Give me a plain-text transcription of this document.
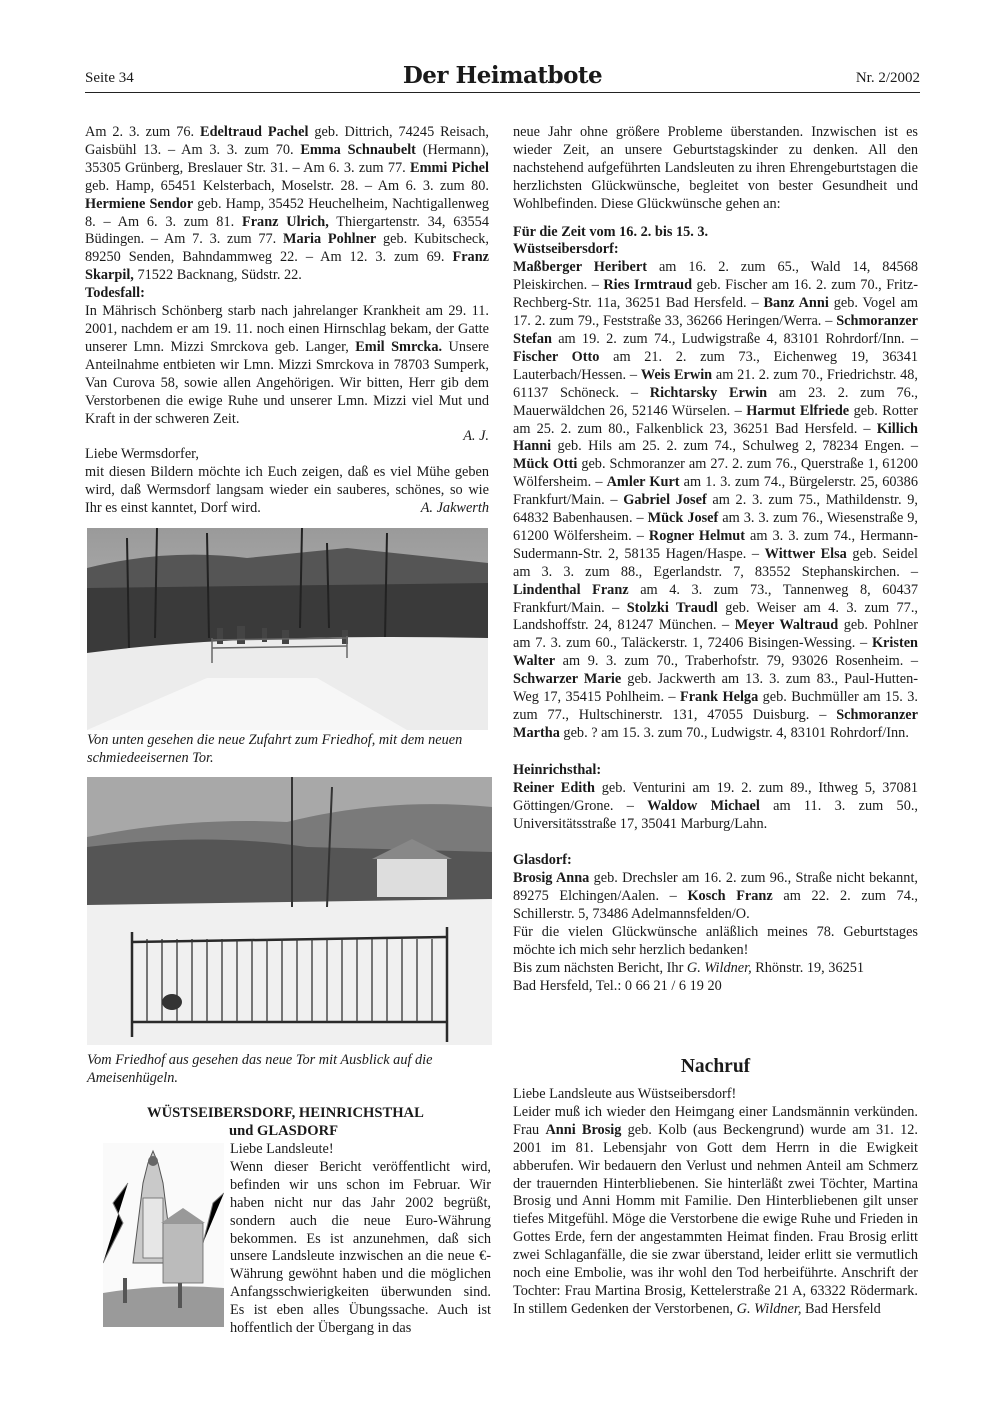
Seite 34	Der Heimatbote	Nr. 2/2002

Am 2. 3. zum 76. Edeltraud Pachel geb. Dittrich, 74245 Reisach, Gaisbühl 13. – Am 3. 3. zum 70. Emma Schnaubelt (Hermann), 35305 Grünberg, Breslauer Str. 31. – Am 6. 3. zum 77. Emmi Pichel geb. Hamp, 65451 Kelsterbach, Moselstr. 28. – Am 6. 3. zum 80. Hermiene Sendor geb. Hamp, 35452 Heuchelheim, Nachtigallenweg 8. – Am 6. 3. zum 81. Franz Ulrich, Thiergartenstr. 34, 63554 Büdingen. – Am 7. 3. zum 77. Maria Pohlner geb. Kubitscheck, 89250 Senden, Bahndammweg 22. – Am 12. 3. zum 69. Franz Skarpil, 71522 Backnang, Südstr. 22.

Todesfall:

In Mährisch Schönberg starb nach jahrelanger Krankheit am 29. 11. 2001, nachdem er am 19. 11. noch einen Hirnschlag bekam, der Gatte unserer Lmn. Mizzi Smrckova geb. Langer, Emil Smrcka. Unsere Anteilnahme entbieten wir Lmn. Mizzi Smrckova in 78703 Sumperk, Van Curova 58, sowie allen Angehörigen. Wir bitten, Herr gib dem Verstorbenen die ewige Ruhe und unserer Lmn. Mizzi viel Mut und Kraft in der schweren Zeit.

A. J.

Liebe Wermsdorfer,

mit diesen Bildern möchte ich Euch zeigen, daß es viel Mühe geben wird, daß Wermsdorf langsam wieder ein sauberes, schönes, so wie Ihr es einst kanntet, Dorf wird.	A. Jakwerth

Von unten gesehen die neue Zufahrt zum Friedhof, mit dem neuen schmiedeeisernen Tor.
Vom Friedhof aus gesehen das neue Tor mit Ausblick auf die Ameisenhügeln.
WÜSTSEIBERSDORF, HEINRICHSTHAL
und GLASDORF

Liebe Landsleute!

Wenn dieser Bericht veröffentlicht wird, befinden wir uns schon im Februar. Wir haben nicht nur das Jahr 2002 begrüßt, sondern auch die neue Euro-Währung bekommen. Es ist anzunehmen, daß sich unsere Landsleute inzwischen an die neue €-Währung gewöhnt haben und die möglichen Anfangsschwierigkeiten überwunden sind. Es ist eben alles Übungssache. Auch ist hoffentlich der Übergang in das

neue Jahr ohne größere Probleme überstanden. Inzwischen ist es wieder Zeit, an unsere Geburtstagskinder zu denken. All den nachstehend aufgeführten Landsleuten zu ihren Ehrengeburtstagen die herzlichsten Glückwünsche, begleitet von bester Gesundheit und Wohlbefinden. Diese Glückwünsche gehen an:

Für die Zeit vom 16. 2. bis 15. 3.

Wüstseibersdorf:

Maßberger Heribert am 16. 2. zum 65., Wald 14, 84568 Pleiskirchen. – Ries Irmtraud geb. Fischer am 16. 2. zum 70., Fritz-Rechberg-Str. 11a, 36251 Bad Hersfeld. – Banz Anni geb. Vogel am 17. 2. zum 79., Feststraße 33, 36266 Heringen/Werra. – Schmoranzer Stefan am 19. 2. zum 74., Ludwigstraße 4, 83101 Rohrdorf/Inn. – Fischer Otto am 21. 2. zum 73., Eichenweg 19, 36341 Lauterbach/Hessen. – Weis Erwin am 21. 2. zum 70., Friedrichstr. 48, 61137 Schöneck. – Richtarsky Erwin am 23. 2. zum 76., Mauerwäldchen 26, 52146 Würselen. – Harmut Elfriede geb. Rotter am 25. 2. zum 80., Falkenblick 23, 36251 Bad Hersfeld. – Killich Hanni geb. Hils am 25. 2. zum 74., Schulweg 2, 78234 Engen. – Mück Otti geb. Schmoranzer am 27. 2. zum 76., Querstraße 1, 61200 Wölfersheim. – Amler Kurt am 1. 3. zum 74., Bürgelerstr. 25, 60386 Frankfurt/Main. – Gabriel Josef am 2. 3. zum 75., Mathildenstr. 9, 64832 Babenhausen. – Mück Josef am 3. 3. zum 76., Wiesenstraße 9, 61200 Wölfersheim. – Rogner Helmut am 3. 3. zum 74., Hermann-Sudermann-Str. 2, 58135 Hagen/Haspe. – Wittwer Elsa geb. Seidel am 3. 3. zum 88., Egerlandstr. 7, 83552 Stephanskirchen. – Lindenthal Franz am 4. 3. zum 73., Tannenweg 8, 60437 Frankfurt/Main. – Stolzki Traudl geb. Weiser am 4. 3. zum 77., Landshoffstr. 24, 81247 München. – Meyer Waltraud geb. Pohlner am 7. 3. zum 60., Taläckerstr. 1, 72406 Bisingen-Wessing. – Kristen Walter am 9. 3. zum 70., Traberhofstr. 79, 93026 Rosenheim. – Schwarzer Marie geb. Jackwerth am 13. 3. zum 83., Paul-Hutten-Weg 17, 35415 Pohlheim. – Frank Helga geb. Buchmüller am 15. 3. zum 77., Hultschinerstr. 131, 47055 Duisburg. – Schmoranzer Martha geb. ? am 15. 3. zum 70., Ludwigstr. 4, 83101 Rohrdorf/Inn.

Heinrichsthal:

Reiner Edith geb. Venturini am 19. 2. zum 89., Ithweg 5, 37081 Göttingen/Grone. – Waldow Michael am 11. 3. zum 50., Universitätsstraße 17, 35041 Marburg/Lahn.

Glasdorf:

Brosig Anna geb. Drechsler am 16. 2. zum 96., Straße nicht bekannt, 89275 Elchingen/Aalen. – Kosch Franz am 22. 2. zum 74., Schillerstr. 5, 73486 Adelmannsfelden/O.

Für die vielen Glückwünsche anläßlich meines 78. Geburtstages möchte ich mich sehr herzlich bedanken!

Bis zum nächsten Bericht, Ihr G. Wildner, Rhönstr. 19, 36251

Bad Hersfeld, Tel.: 0 66 21 / 6 19 20

Nachruf

Liebe Landsleute aus Wüstseibersdorf!

Leider muß ich wieder den Heimgang einer Landsmännin verkünden. Frau Anni Brosig geb. Kolb (aus Beckengrund) wurde am 31. 12. 2001 im 81. Lebensjahr von Gott dem Herrn in die Ewigkeit abberufen. Wir bedauern den Verlust und nehmen Anteil am Schmerz der trauernden Hinterbliebenen. Sie hinterläßt zwei Töchter, Martina Brosig und Anni Homm mit Familie. Den Hinterbliebenen gilt unser tiefes Mitgefühl. Möge die Verstorbene die ewige Ruhe und Frieden in Gottes Erde, fern der angestammten Heimat finden. Frau Brosig erlitt zwei Schlaganfälle, die sie zwar überstand, leider erlitt sie vermutlich noch eine Embolie, was ihr wohl den Tod herbeiführte. Anschrift der Tochter: Frau Martina Brosig, Kettelerstraße 21 A, 63322 Rödermark. In stillem Gedenken der Verstorbenen, G. Wildner, Bad Hersfeld
